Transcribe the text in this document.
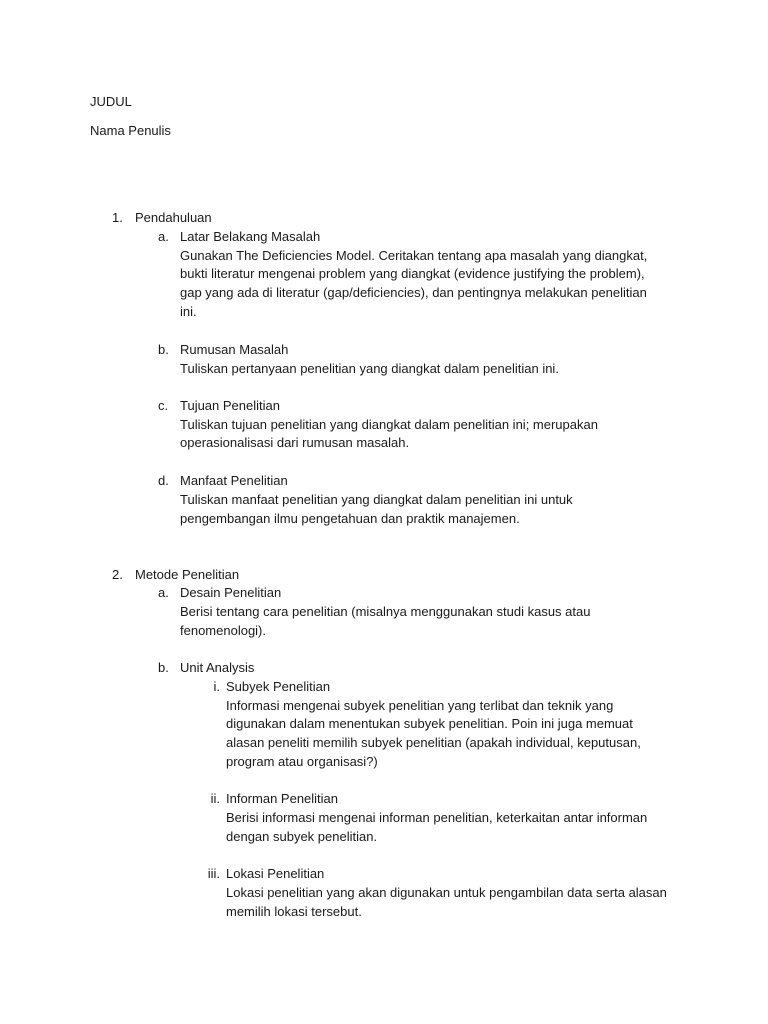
JUDUL
Nama Penulis
1. Pendahuluan
a. Latar Belakang Masalah
Gunakan The Deficiencies Model. Ceritakan tentang apa masalah yang diangkat,
bukti literatur mengenai problem yang diangkat (evidence justifying the problem),
gap yang ada di literatur (gap/deficiencies), dan pentingnya melakukan penelitian
ini.
b. Rumusan Masalah
Tuliskan pertanyaan penelitian yang diangkat dalam penelitian ini.
c. Tujuan Penelitian
Tuliskan tujuan penelitian yang diangkat dalam penelitian ini; merupakan
operasionalisasi dari rumusan masalah.
d. Manfaat Penelitian
Tuliskan manfaat penelitian yang diangkat dalam penelitian ini untuk
pengembangan ilmu pengetahuan dan praktik manajemen.
2. Metode Penelitian
a. Desain Penelitian
Berisi tentang cara penelitian (misalnya menggunakan studi kasus atau
fenomenologi).
b. Unit Analysis
i. Subyek Penelitian
Informasi mengenai subyek penelitian yang terlibat dan teknik yang
digunakan dalam menentukan subyek penelitian. Poin ini juga memuat
alasan peneliti memilih subyek penelitian (apakah individual, keputusan,
program atau organisasi?)
ii. Informan Penelitian
Berisi informasi mengenai informan penelitian, keterkaitan antar informan
dengan subyek penelitian.
iii. Lokasi Penelitian
Lokasi penelitian yang akan digunakan untuk pengambilan data serta alasan
memilih lokasi tersebut.
